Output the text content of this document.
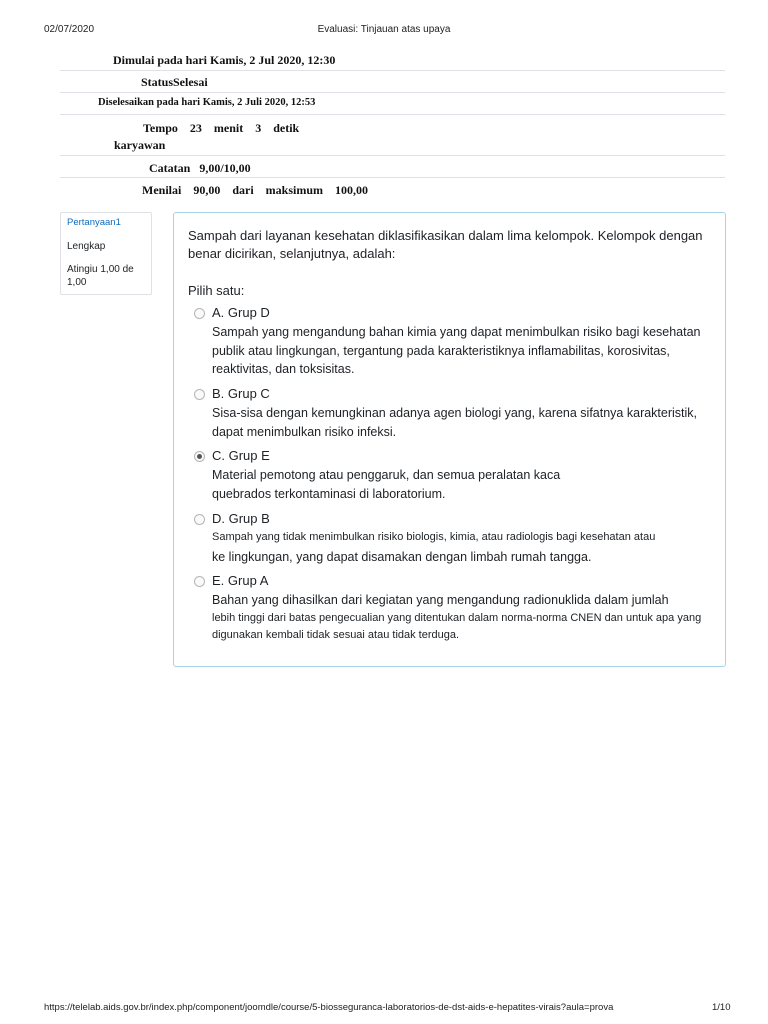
02/07/2020	Evaluasi: Tinjauan atas upaya
Dimulai pada hari Kamis, 2 Jul 2020, 12:30
StatusSelesai
Diselesaikan pada hari Kamis, 2 Juli 2020, 12:53
Tempo 23 menit 3 detik
karyawan
Catatan 9,00/10,00
Menilai 90,00 dari maksimum 100,00
Pertanyaan1
Lengkap
Atingiu 1,00 de 1,00
Sampah dari layanan kesehatan diklasifikasikan dalam lima kelompok. Kelompok dengan benar dicirikan, selanjutnya, adalah:
Pilih satu:
A. Grup D
Sampah yang mengandung bahan kimia yang dapat menimbulkan risiko bagi kesehatan publik atau lingkungan, tergantung pada karakteristiknya inflamabilitas, korosivitas, reaktivitas, dan toksisitas.
B. Grup C
Sisa-sisa dengan kemungkinan adanya agen biologi yang, karena sifatnya karakteristik, dapat menimbulkan risiko infeksi.
C. Grup E
Material pemotong atau penggaruk, dan semua peralatan kaca quebrados terkontaminasi di laboratorium.
D. Grup B
Sampah yang tidak menimbulkan risiko biologis, kimia, atau radiologis bagi kesehatan atau
ke lingkungan, yang dapat disamakan dengan limbah rumah tangga.
E. Grup A
Bahan yang dihasilkan dari kegiatan yang mengandung radionuklida dalam jumlah
lebih tinggi dari batas pengecualian yang ditentukan dalam norma-norma CNEN dan untuk apa yang digunakan kembali tidak sesuai atau tidak terduga.
https://telelab.aids.gov.br/index.php/component/joomdle/course/5-biosseguranca-laboratorios-de-dst-aids-e-hepatites-virais?aula=prova	1/10
